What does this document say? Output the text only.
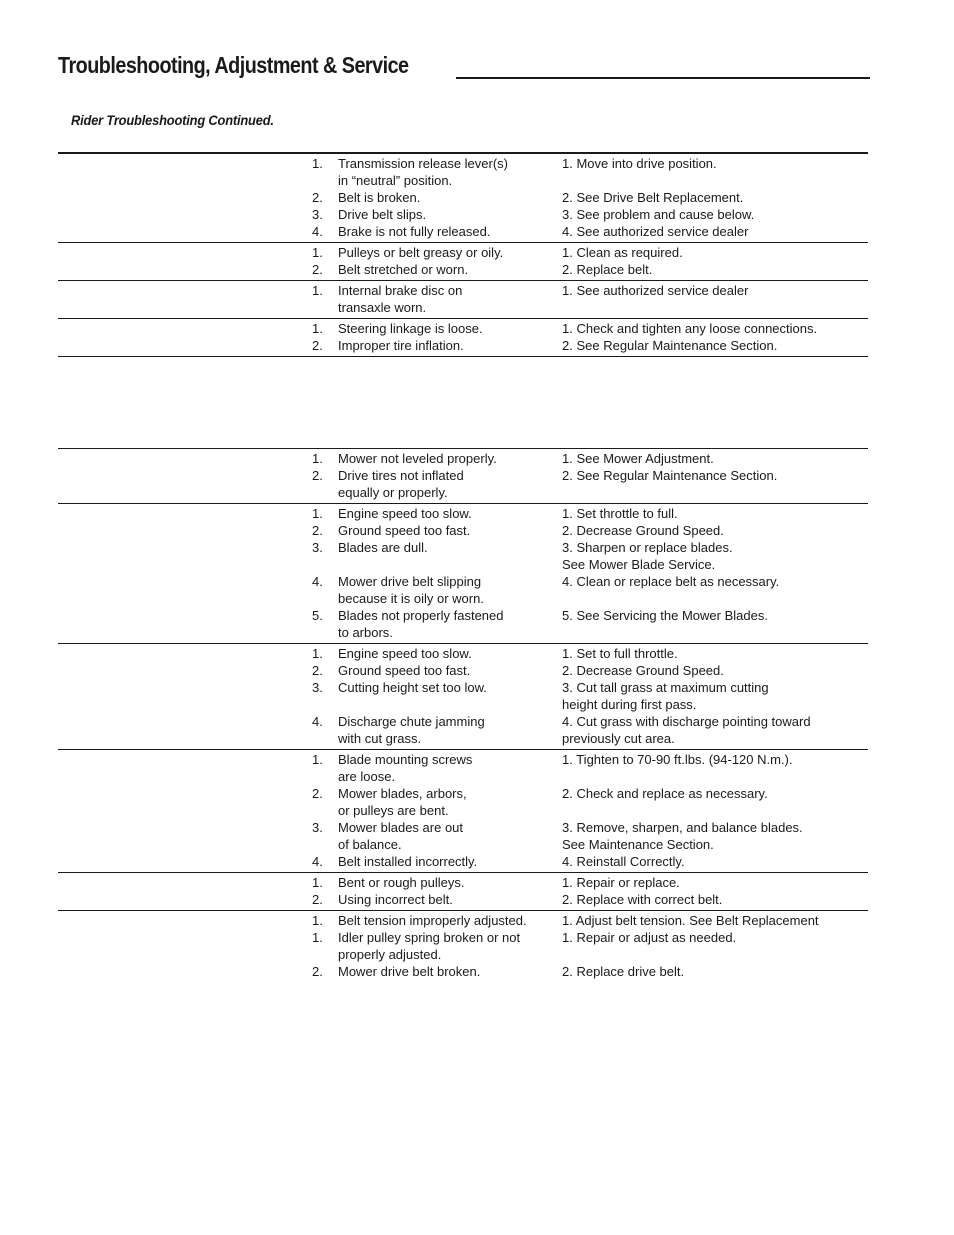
Troubleshooting, Adjustment & Service
Rider Troubleshooting Continued.
1.	Transmission release lever(s)
in “neutral” position.
1. Move into drive position.
2.	Belt is broken.	2. See Drive Belt Replacement.
3.	Drive belt slips.	3. See problem and cause below.
4.	Brake is not fully released.	4. See authorized service dealer
1.	Pulleys or belt greasy or oily.	1. Clean as required.
2.	Belt stretched or worn.	2. Replace belt.
1.	Internal brake disc on
transaxle worn.
1. See authorized service dealer
1.	Steering linkage is loose.	1. Check and tighten any loose connections.
2.	Improper tire inflation.	2. See Regular Maintenance Section.
1.	Mower not leveled properly.	1. See Mower Adjustment.
2.	Drive tires not inflated
equally or properly.
2. See Regular Maintenance Section.
1.	Engine speed too slow.	1. Set throttle to full.
2.	Ground speed too fast.	2. Decrease Ground Speed.
3.	Blades are dull.	3. Sharpen or replace blades.
See Mower Blade Service.
4.	Mower drive belt slipping
because it is oily or worn.
4. Clean or replace belt as necessary.
5.	Blades not properly fastened
to arbors.
5. See Servicing the Mower Blades.
1.	Engine speed too slow.	1. Set to full throttle.
2.	Ground speed too fast.	2. Decrease Ground Speed.
3.	Cutting height set too low.	3. Cut tall grass at maximum cutting
height during first pass.
4.	Discharge chute jamming
with cut grass.
4. Cut grass with discharge pointing toward
previously cut area.
1.	Blade mounting screws
are loose.
1. Tighten to 70-90 ft.lbs. (94-120 N.m.).
2.	Mower blades, arbors,
or pulleys are bent.
2. Check and replace as necessary.
3.	Mower blades are out
of balance.
3. Remove, sharpen, and balance blades.
See Maintenance Section.
4.	Belt installed incorrectly.	4. Reinstall Correctly.
1.	Bent or rough pulleys.	1. Repair or replace.
2.	Using incorrect belt.	2. Replace with correct belt.
1.	Belt tension improperly adjusted.	1. Adjust belt tension. See Belt Replacement
1.	Idler pulley spring broken or not
properly adjusted.
1. Repair or adjust as needed.
2.	Mower drive belt broken.	2. Replace drive belt.
